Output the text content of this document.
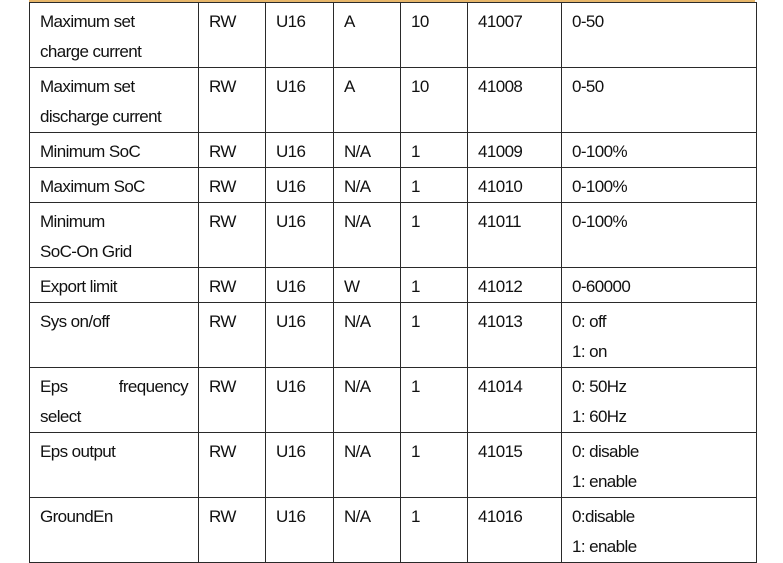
Maximum set
charge current	RW	U16	A	10	41007	0-50

Maximum set
discharge current	RW	U16	A	10	41008	0-50

Minimum SoC	RW	U16	N/A	1	41009	0-100%

Maximum SoC	RW	U16	N/A	1	41010	0-100%

Minimum
SoC-On Grid	RW	U16	N/A	1	41011	0-100%

Export limit	RW	U16	W	1	41012	0-60000

Sys on/off	RW	U16	N/A	1	41013	0: off
1: on

Eps frequency
select	RW	U16	N/A	1	41014	0: 50Hz
1: 60Hz

Eps output	RW	U16	N/A	1	41015	0: disable
1: enable

GroundEn	RW	U16	N/A	1	41016	0:disable
1: enable
